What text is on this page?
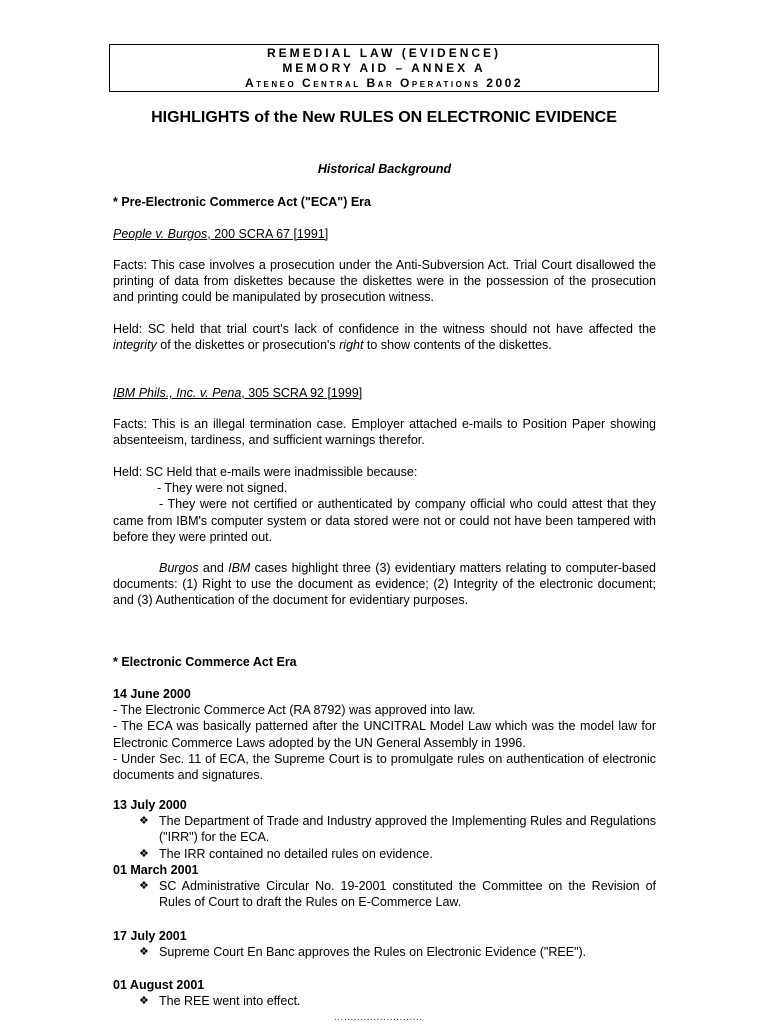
REMEDIAL LAW (EVIDENCE)
MEMORY AID – ANNEX A
Ateneo Central Bar Operations 2002
HIGHLIGHTS of the New RULES ON ELECTRONIC EVIDENCE
Historical Background
* Pre-Electronic Commerce Act ("ECA") Era
People v. Burgos, 200 SCRA 67 [1991]
Facts: This case involves a prosecution under the Anti-Subversion Act. Trial Court disallowed the printing of data from diskettes because the diskettes were in the possession of the prosecution and printing could be manipulated by prosecution witness.
Held: SC held that trial court's lack of confidence in the witness should not have affected the integrity of the diskettes or prosecution's right to show contents of the diskettes.
IBM Phils., Inc. v. Pena, 305 SCRA 92 [1999]
Facts: This is an illegal termination case. Employer attached e-mails to Position Paper showing absenteeism, tardiness, and sufficient warnings therefor.
Held: SC Held that e-mails were inadmissible because:
- They were not signed.
- They were not certified or authenticated by company official who could attest that they came from IBM's computer system or data stored were not or could not have been tampered with before they were printed out.
Burgos and IBM cases highlight three (3) evidentiary matters relating to computer-based documents: (1) Right to use the document as evidence; (2) Integrity of the electronic document; and (3) Authentication of the document for evidentiary purposes.
* Electronic Commerce Act Era
14 June 2000
- The Electronic Commerce Act (RA 8792) was approved into law.
- The ECA was basically patterned after the UNCITRAL Model Law which was the model law for Electronic Commerce Laws adopted by the UN General Assembly in 1996.
- Under Sec. 11 of ECA, the Supreme Court is to promulgate rules on authentication of electronic documents and signatures.
13 July 2000
❖ The Department of Trade and Industry approved the Implementing Rules and Regulations ("IRR") for the ECA.
❖ The IRR contained no detailed rules on evidence.
01 March 2001
❖ SC Administrative Circular No. 19-2001 constituted the Committee on the Revision of Rules of Court to draft the Rules on E-Commerce Law.
17 July 2001
❖ Supreme Court En Banc approves the Rules on Electronic Evidence ("REE").
01 August 2001
❖ The REE went into effect.
...........................
